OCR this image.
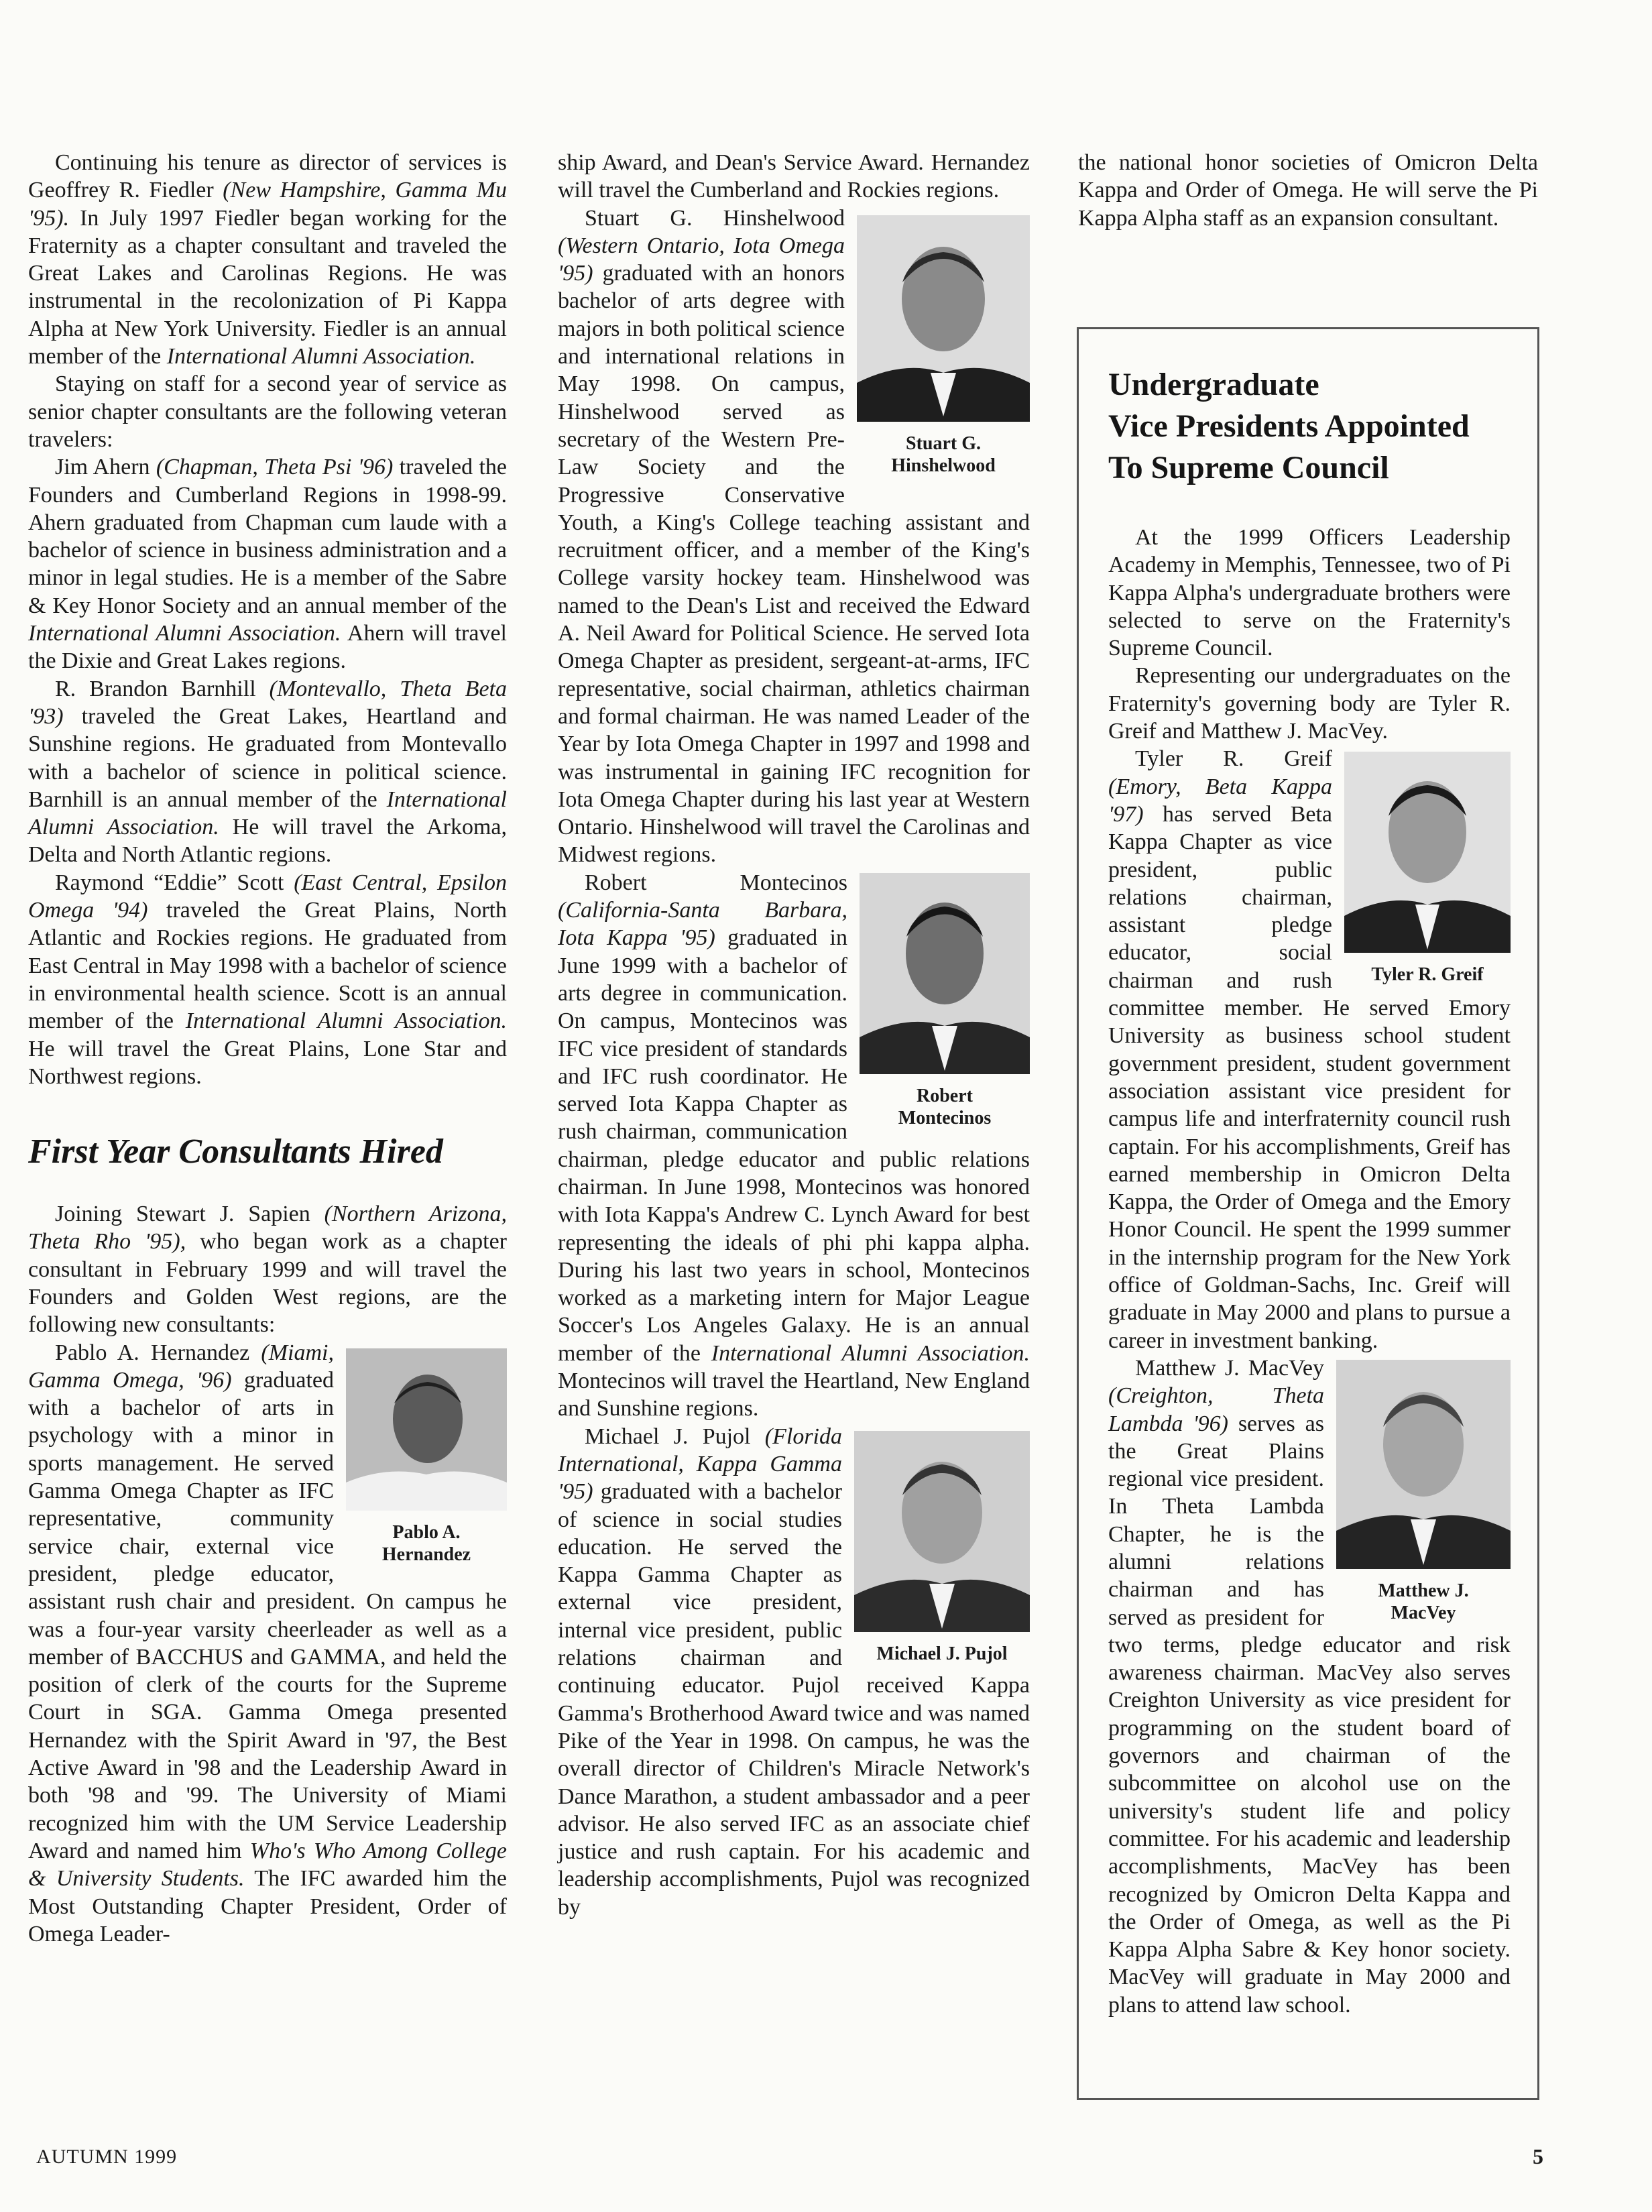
Continuing his tenure as director of services is Geoffrey R. Fiedler (New Hampshire, Gamma Mu '95). In July 1997 Fiedler began working for the Fraternity as a chapter consultant and traveled the Great Lakes and Carolinas Regions. He was instrumental in the recolonization of Pi Kappa Alpha at New York University. Fiedler is an annual member of the International Alumni Association.

Staying on staff for a second year of service as senior chapter consultants are the following veteran travelers:

Jim Ahern (Chapman, Theta Psi '96) traveled the Founders and Cumberland Regions in 1998-99. Ahern graduated from Chapman cum laude with a bachelor of science in business administration and a minor in legal studies. He is a member of the Sabre & Key Honor Society and an annual member of the International Alumni Association. Ahern will travel the Dixie and Great Lakes regions.

R. Brandon Barnhill (Montevallo, Theta Beta '93) traveled the Great Lakes, Heartland and Sunshine regions. He graduated from Montevallo with a bachelor of science in political science. Barnhill is an annual member of the International Alumni Association. He will travel the Arkoma, Delta and North Atlantic regions.

Raymond “Eddie” Scott (East Central, Epsilon Omega '94) traveled the Great Plains, North Atlantic and Rockies regions. He graduated from East Central in May 1998 with a bachelor of science in environmental health science. Scott is an annual member of the International Alumni Association. He will travel the Great Plains, Lone Star and Northwest regions.

First Year Consultants Hired

Joining Stewart J. Sapien (Northern Arizona, Theta Rho '95), who began work as a chapter consultant in February 1999 and will travel the Founders and Golden West regions, are the following new consultants:

Pablo A.
Hernandez

Pablo A. Hernandez (Miami, Gamma Omega, '96) graduated with a bachelor of arts in psychology with a minor in sports management. He served Gamma Omega Chapter as IFC representative, community service chair, external vice president, pledge educator, assistant rush chair and president. On campus he was a four-year varsity cheerleader as well as a member of BACCHUS and GAMMA, and held the position of clerk of the courts for the Supreme Court in SGA. Gamma Omega presented Hernandez with the Spirit Award in '97, the Best Active Award in '98 and the Leadership Award in both '98 and '99. The University of Miami recognized him with the UM Service Leadership Award and named him Who's Who Among College & University Students. The IFC awarded him the Most Outstanding Chapter President, Order of Omega Leader-

ship Award, and Dean's Service Award. Hernandez will travel the Cumberland and Rockies regions.

Stuart G.
Hinshelwood

Stuart G. Hinshelwood (Western Ontario, Iota Omega '95) graduated with an honors bachelor of arts degree with majors in both political science and international relations in May 1998. On campus, Hinshelwood served as secretary of the Western Pre-Law Society and the Progressive Conservative Youth, a King's College teaching assistant and recruitment officer, and a member of the King's College varsity hockey team. Hinshelwood was named to the Dean's List and received the Edward A. Neil Award for Political Science. He served Iota Omega Chapter as president, sergeant-at-arms, IFC representative, social chairman, athletics chairman and formal chairman. He was named Leader of the Year by Iota Omega Chapter in 1997 and 1998 and was instrumental in gaining IFC recognition for Iota Omega Chapter during his last year at Western Ontario. Hinshelwood will travel the Carolinas and Midwest regions.

Robert
Montecinos

Robert Montecinos (California-Santa Barbara, Iota Kappa '95) graduated in June 1999 with a bachelor of arts degree in communication. On campus, Montecinos was IFC vice president of standards and IFC rush coordinator. He served Iota Kappa Chapter as rush chairman, communication chairman, pledge educator and public relations chairman. In June 1998, Montecinos was honored with Iota Kappa's Andrew C. Lynch Award for best representing the ideals of phi phi kappa alpha. During his last two years in school, Montecinos worked as a marketing intern for Major League Soccer's Los Angeles Galaxy. He is an annual member of the International Alumni Association. Montecinos will travel the Heartland, New England and Sunshine regions.

Michael J. Pujol

Michael J. Pujol (Florida International, Kappa Gamma '95) graduated with a bachelor of science in social studies education. He served the Kappa Gamma Chapter as external vice president, internal vice president, public relations chairman and continuing educator. Pujol received Kappa Gamma's Brotherhood Award twice and was named Pike of the Year in 1998. On campus, he was the overall director of Children's Miracle Network's Dance Marathon, a student ambassador and a peer advisor. He also served IFC as an associate chief justice and rush captain. For his academic and leadership accomplishments, Pujol was recognized by

the national honor societies of Omicron Delta Kappa and Order of Omega. He will serve the Pi Kappa Alpha staff as an expansion consultant.

Undergraduate
Vice Presidents Appointed
To Supreme Council

At the 1999 Officers Leadership Academy in Memphis, Tennessee, two of Pi Kappa Alpha's undergraduate brothers were selected to serve on the Fraternity's Supreme Council.

Representing our undergraduates on the Fraternity's governing body are Tyler R. Greif and Matthew J. MacVey.

Tyler R. Greif

Tyler R. Greif (Emory, Beta Kappa '97) has served Beta Kappa Chapter as vice president, public relations chairman, assistant pledge educator, social chairman and rush committee member. He served Emory University as business school student government president, student government association assistant vice president for campus life and interfraternity council rush captain. For his accomplishments, Greif has earned membership in Omicron Delta Kappa, the Order of Omega and the Emory Honor Council. He spent the 1999 summer in the internship program for the New York office of Goldman-Sachs, Inc. Greif will graduate in May 2000 and plans to pursue a career in investment banking.

Matthew J.
MacVey

Matthew J. MacVey (Creighton, Theta Lambda '96) serves as the Great Plains regional vice president. In Theta Lambda Chapter, he is the alumni relations chairman and has served as president for two terms, pledge educator and risk awareness chairman. MacVey also serves Creighton University as vice president for programming on the student board of governors and chairman of the subcommittee on alcohol use on the university's student life and policy committee. For his academic and leadership accomplishments, MacVey has been recognized by Omicron Delta Kappa and the Order of Omega, as well as the Pi Kappa Alpha Sabre & Key honor society. MacVey will graduate in May 2000 and plans to attend law school.

AUTUMN 1999	5
